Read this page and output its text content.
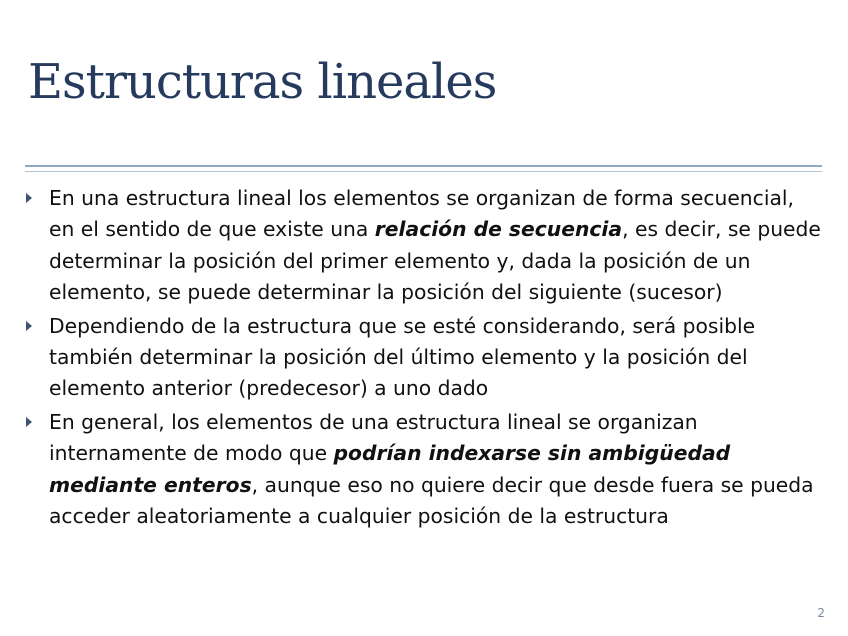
Estructuras lineales
En una estructura lineal los elementos se organizan de forma secuencial, en el sentido de que existe una relación de secuencia, es decir, se puede determinar la posición del primer elemento y, dada la posición de un elemento, se puede determinar la posición del siguiente (sucesor)
Dependiendo de la estructura que se esté considerando, será posible también determinar la posición del último elemento y la posición del elemento anterior (predecesor) a uno dado
En general, los elementos de una estructura lineal se organizan internamente de modo que podrían indexarse sin ambigüedad mediante enteros, aunque eso no quiere decir que desde fuera se pueda acceder aleatoriamente a cualquier posición de la estructura
2
